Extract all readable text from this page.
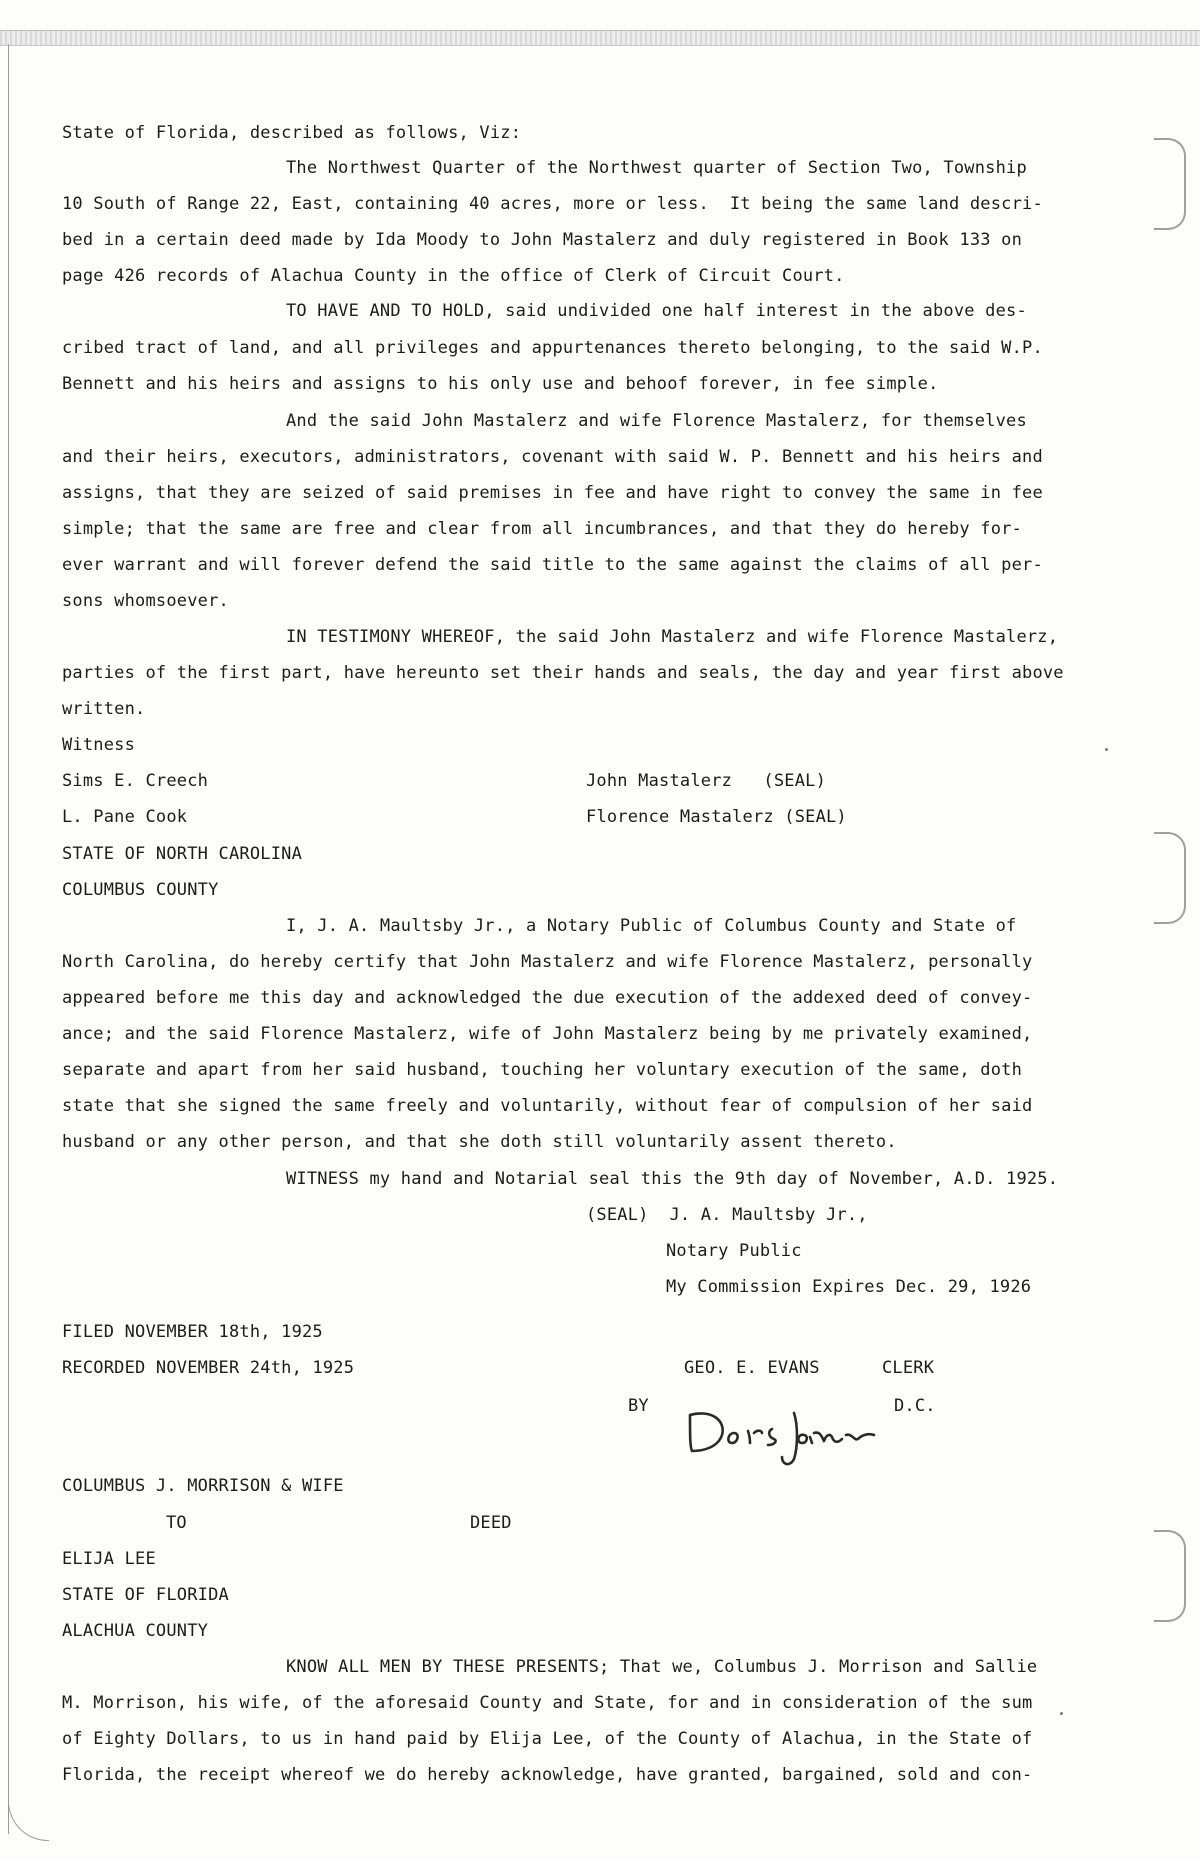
State of Florida, described as follows, Viz:
The Northwest Quarter of the Northwest quarter of Section Two, Township
10 South of Range 22, East, containing 40 acres, more or less.  It being the same land descri-
bed in a certain deed made by Ida Moody to John Mastalerz and duly registered in Book 133 on
page 426 records of Alachua County in the office of Clerk of Circuit Court.
TO HAVE AND TO HOLD, said undivided one half interest in the above des-
cribed tract of land, and all privileges and appurtenances thereto belonging, to the said W.P.
Bennett and his heirs and assigns to his only use and behoof forever, in fee simple.
And the said John Mastalerz and wife Florence Mastalerz, for themselves
and their heirs, executors, administrators, covenant with said W. P. Bennett and his heirs and
assigns, that they are seized of said premises in fee and have right to convey the same in fee
simple; that the same are free and clear from all incumbrances, and that they do hereby for-
ever warrant and will forever defend the said title to the same against the claims of all per-
sons whomsoever.
IN TESTIMONY WHEREOF, the said John Mastalerz and wife Florence Mastalerz,
parties of the first part, have hereunto set their hands and seals, the day and year first above
written.
Witness
Sims E. Creech	John Mastalerz   (SEAL)
L. Pane Cook	Florence Mastalerz (SEAL)
STATE OF NORTH CAROLINA
COLUMBUS COUNTY
I, J. A. Maultsby Jr., a Notary Public of Columbus County and State of
North Carolina, do hereby certify that John Mastalerz and wife Florence Mastalerz, personally
appeared before me this day and acknowledged the due execution of the addexed deed of convey-
ance; and the said Florence Mastalerz, wife of John Mastalerz being by me privately examined,
separate and apart from her said husband, touching her voluntary execution of the same, doth
state that she signed the same freely and voluntarily, without fear of compulsion of her said
husband or any other person, and that she doth still voluntarily assent thereto.
WITNESS my hand and Notarial seal this the 9th day of November, A.D. 1925.
(SEAL)  J. A. Maultsby Jr.,
Notary Public
My Commission Expires Dec. 29, 1926
FILED NOVEMBER 18th, 1925
RECORDED NOVEMBER 24th, 1925	GEO. E. EVANS	CLERK
BY
Doris Jones
D.C.
COLUMBUS J. MORRISON & WIFE
TO	DEED
ELIJA LEE
STATE OF FLORIDA
ALACHUA COUNTY
KNOW ALL MEN BY THESE PRESENTS; That we, Columbus J. Morrison and Sallie
M. Morrison, his wife, of the aforesaid County and State, for and in consideration of the sum
of Eighty Dollars, to us in hand paid by Elija Lee, of the County of Alachua, in the State of
Florida, the receipt whereof we do hereby acknowledge, have granted, bargained, sold and con-
